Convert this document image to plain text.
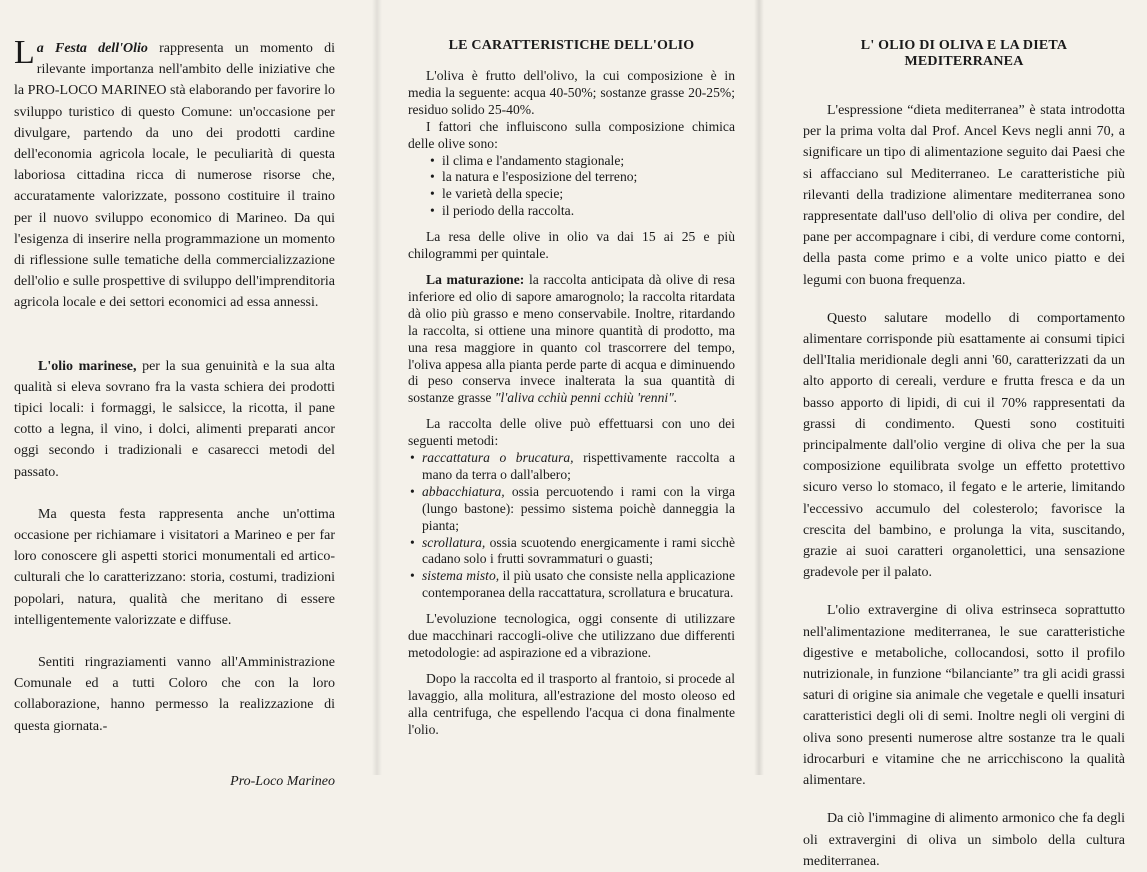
La Festa dell'Olio rappresenta un momento di rilevante importanza nell'ambito delle iniziative che la PRO-LOCO MARINEO stà elaborando per favorire lo sviluppo turistico di questo Comune: un'occasione per divulgare, partendo da uno dei prodotti cardine dell'economia agricola locale, le peculiarità di questa laboriosa cittadina ricca di numerose risorse che, accuratamente valorizzate, possono costituire il traino per il nuovo sviluppo economico di Marineo. Da qui l'esigenza di inserire nella programmazione un momento di riflessione sulle tematiche della commercializzazione dell'olio e sulle prospettive di sviluppo dell'imprenditoria agricola locale e dei settori economici ad essa annessi.

L'olio marinese, per la sua genuinità e la sua alta qualità si eleva sovrano fra la vasta schiera dei prodotti tipici locali: i formaggi, le salsicce, la ricotta, il pane cotto a legna, il vino, i dolci, alimenti preparati ancor oggi secondo i tradizionali e casarecci metodi del passato.

Ma questa festa rappresenta anche un'ottima occasione per richiamare i visitatori a Marineo e per far loro conoscere gli aspetti storici monumentali ed artico-culturali che lo caratterizzano: storia, costumi, tradizioni popolari, natura, qualità che meritano di essere intelligentemente valorizzate e diffuse.

Sentiti ringraziamenti vanno all'Amministrazione Comunale ed a tutti Coloro che con la loro collaborazione, hanno permesso la realizzazione di questa giornata.-

Pro-Loco Marineo

LE CARATTERISTICHE DELL'OLIO

L'oliva è frutto dell'olivo, la cui composizione è in media la seguente: acqua 40-50%; sostanze grasse 20-25%; residuo solido 25-40%.

I fattori che influiscono sulla composizione chimica delle olive sono:

• il clima e l'andamento stagionale;
• la natura e l'esposizione del terreno;
• le varietà della specie;
• il periodo della raccolta.

La resa delle olive in olio va dai 15 ai 25 e più chilogrammi per quintale.

La maturazione: la raccolta anticipata dà olive di resa inferiore ed olio di sapore amarognolo; la raccolta ritardata dà olio più grasso e meno conservabile. Inoltre, ritardando la raccolta, si ottiene una minore quantità di prodotto, ma una resa maggiore in quanto col trascorrere del tempo, l'oliva appesa alla pianta perde parte di acqua e diminuendo di peso conserva invece inalterata la sua quantità di sostanze grasse "l'aliva cchiù penni cchiù 'renni".

La raccolta delle olive può effettuarsi con uno dei seguenti metodi:

• raccattatura o brucatura, rispettivamente raccolta a mano da terra o dall'albero;
• abbacchiatura, ossia percuotendo i rami con la virga (lungo bastone): pessimo sistema poichè danneggia la pianta;
• scrollatura, ossia scuotendo energicamente i rami sicchè cadano solo i frutti sovrammaturi o guasti;
• sistema misto, il più usato che consiste nella applicazione contemporanea della raccattatura, scrollatura e brucatura.

L'evoluzione tecnologica, oggi consente di utilizzare due macchinari raccogli-olive che utilizzano due differenti metodologie: ad aspirazione ed a vibrazione.

Dopo la raccolta ed il trasporto al frantoio, si procede al lavaggio, alla molitura, all'estrazione del mosto oleoso ed alla centrifuga, che espellendo l'acqua ci dona finalmente l'olio.

L' OLIO DI OLIVA E LA DIETA MEDITERRANEA

L'espressione “dieta mediterranea” è stata introdotta per la prima volta dal Prof. Ancel Kevs negli anni 70, a significare un tipo di alimentazione seguito dai Paesi che si affacciano sul Mediterraneo. Le caratteristiche più rilevanti della tradizione alimentare mediterranea sono rappresentate dall'uso dell'olio di oliva per condire, del pane per accompagnare i cibi, di verdure come contorni, della pasta come primo e a volte unico piatto e dei legumi con buona frequenza.

Questo salutare modello di comportamento alimentare corrisponde più esattamente ai consumi tipici dell'Italia meridionale degli anni '60, caratterizzati da un alto apporto di cereali, verdure e frutta fresca e da un basso apporto di lipidi, di cui il 70% rappresentati da grassi di condimento. Questi sono costituiti principalmente dall'olio vergine di oliva che per la sua composizione equilibrata svolge un effetto protettivo sicuro verso lo stomaco, il fegato e le arterie, limitando l'eccessivo accumulo del colesterolo; favorisce la crescita del bambino, e prolunga la vita, suscitando, grazie ai suoi caratteri organolettici, una sensazione gradevole per il palato.

L'olio extravergine di oliva estrinseca soprattutto nell'alimentazione mediterranea, le sue caratteristiche digestive e metaboliche, collocandosi, sotto il profilo nutrizionale, in funzione “bilanciante” tra gli acidi grassi saturi di origine sia animale che vegetale e quelli insaturi caratteristici degli oli di semi. Inoltre negli oli vergini di oliva sono presenti numerose altre sostanze tra le quali idrocarburi e vitamine che ne arricchiscono la qualità alimentare.

Da ciò l'immagine di alimento armonico che fa degli oli extravergini di oliva un simbolo della cultura mediterranea.
